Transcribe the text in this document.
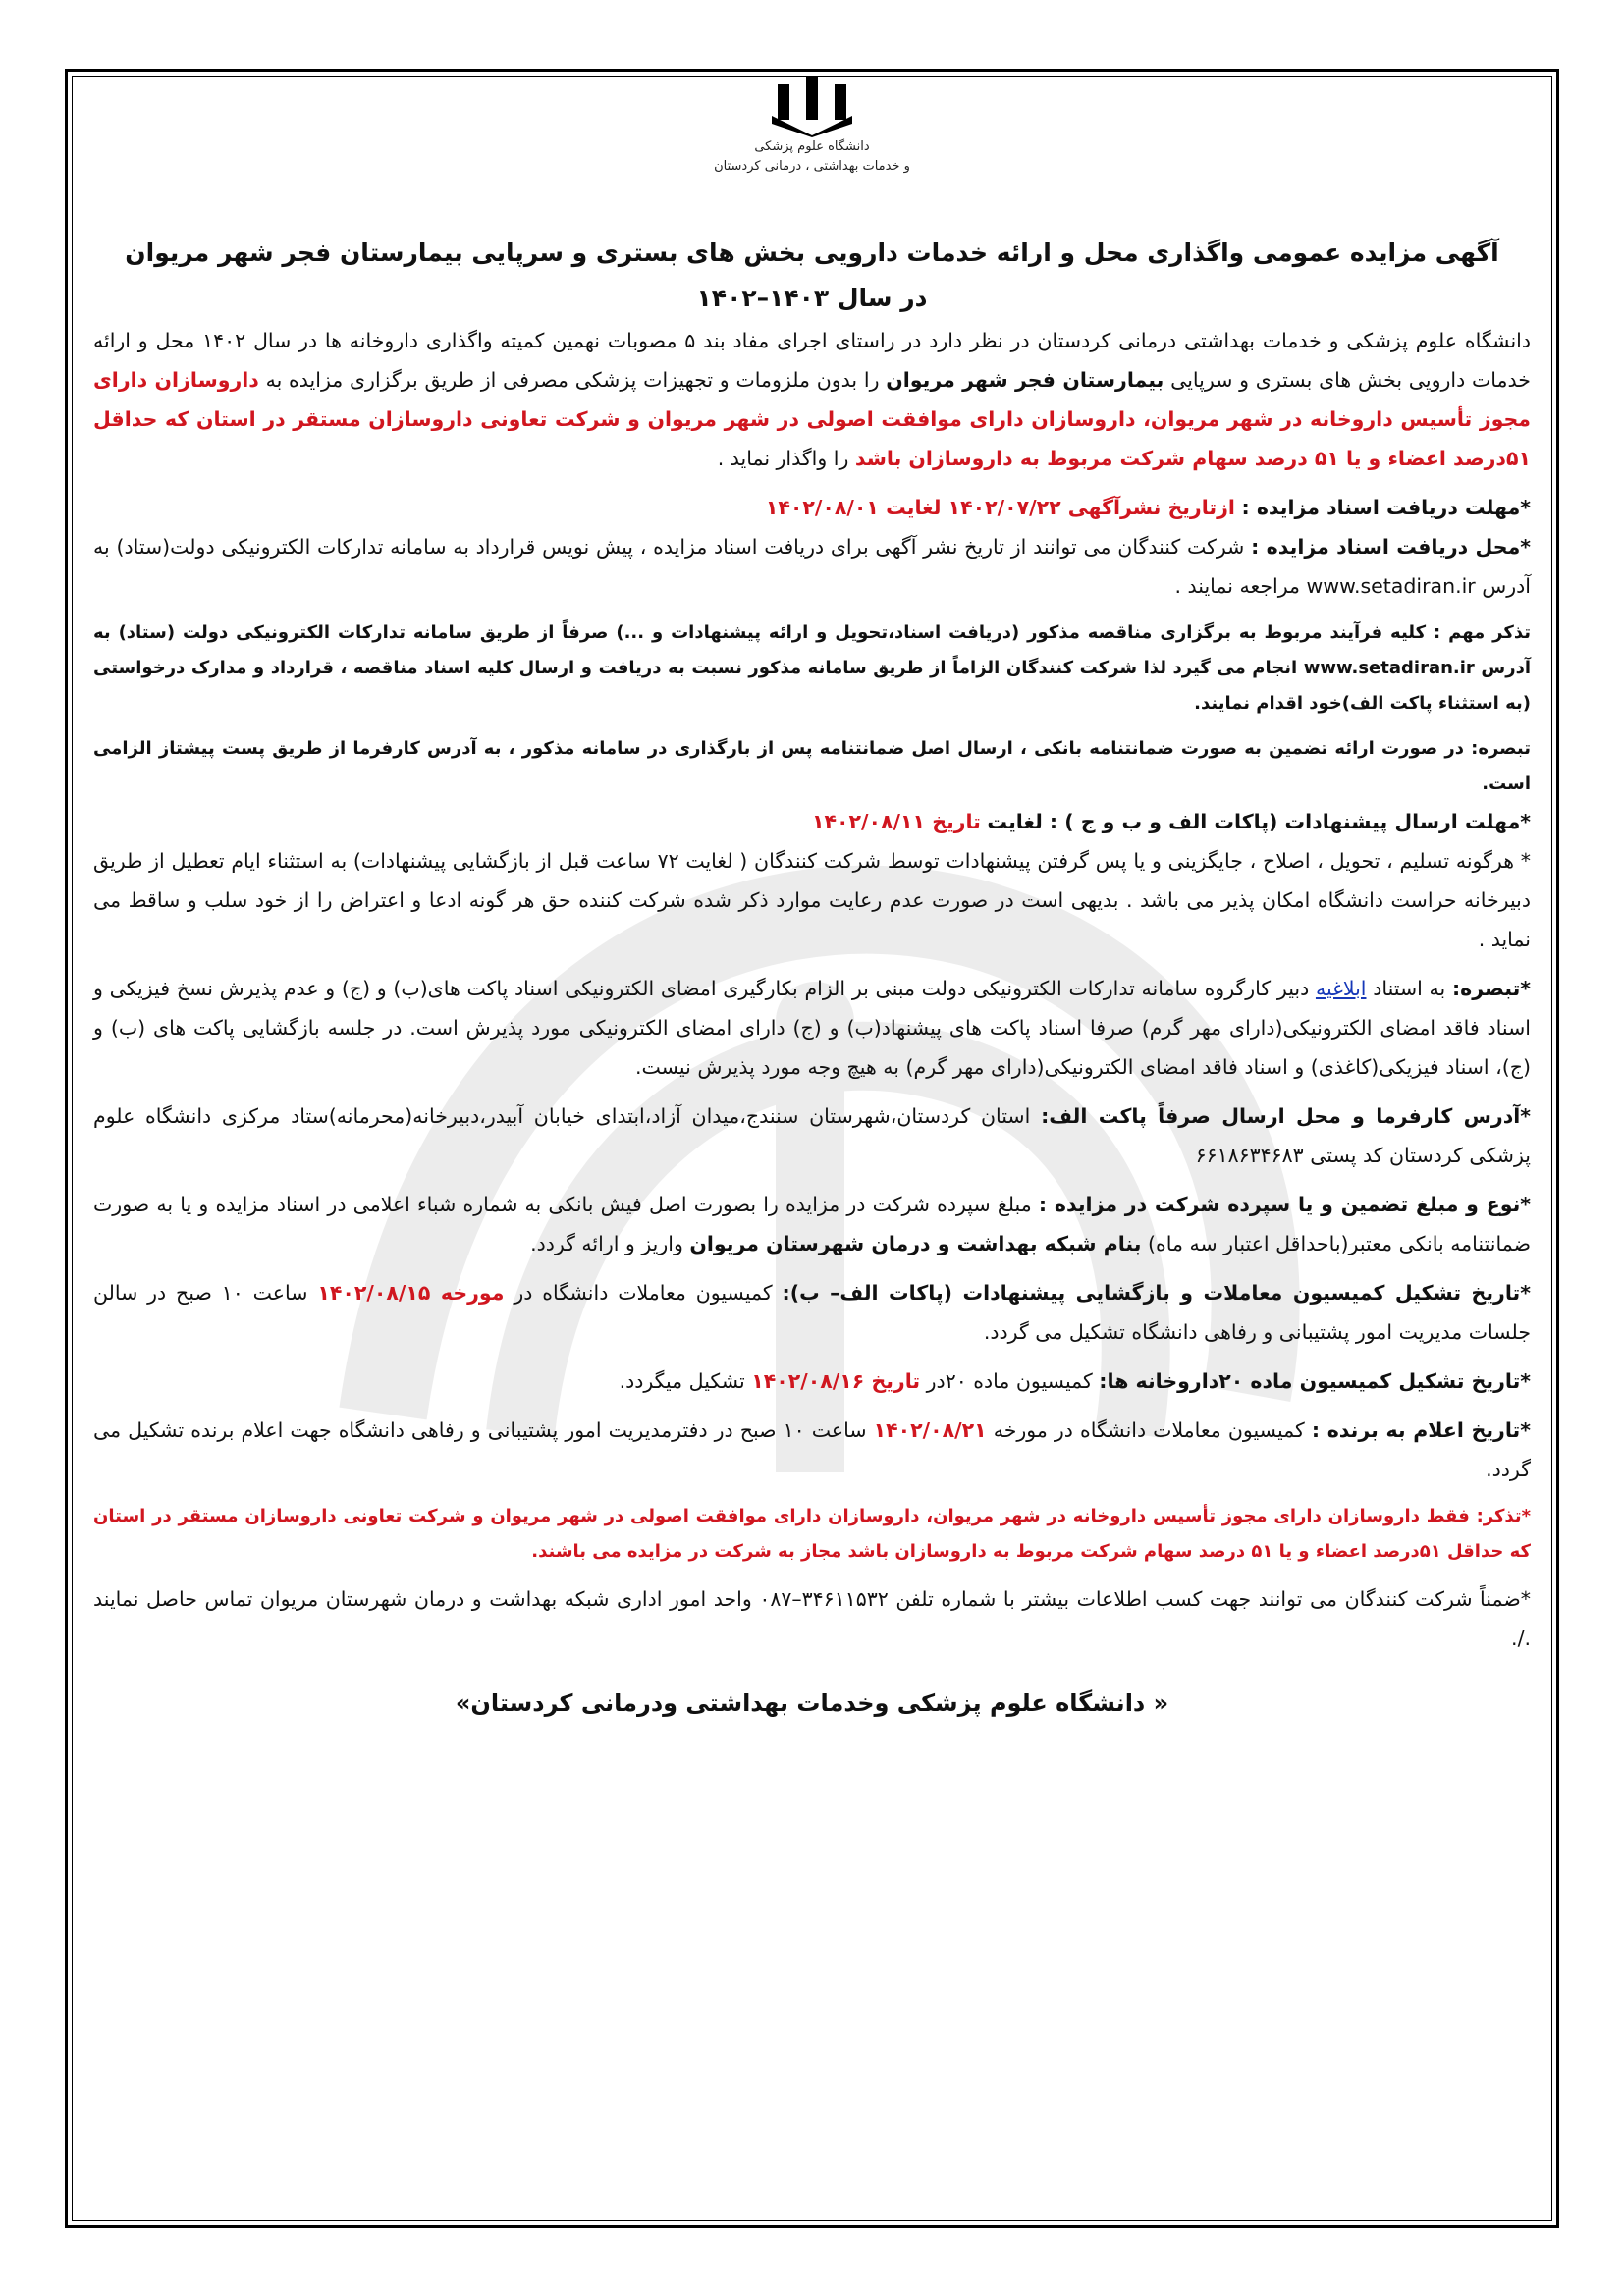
دانشگاه علوم پزشکی
و خدمات بهداشتی ، درمانی کردستان
آگهی مزایده عمومی واگذاری محل و ارائه خدمات دارویی بخش های بستری و سرپایی بیمارستان فجر شهر مریوان
در سال ۱۴۰۳–۱۴۰۲

دانشگاه علوم پزشکی و خدمات بهداشتی درمانی کردستان در نظر دارد در راستای اجرای مفاد بند ۵ مصوبات نهمین کمیته واگذاری داروخانه ها در سال ۱۴۰۲ محل و ارائه خدمات دارویی بخش های بستری و سرپایی بیمارستان فجر شهر مریوان را بدون ملزومات و تجهیزات پزشکی مصرفی از طریق برگزاری مزایده به داروسازان دارای مجوز تأسیس داروخانه در شهر مریوان، داروسازان دارای موافقت اصولی در شهر مریوان و شرکت تعاونی داروسازان مستقر در استان که حداقل ۵۱درصد اعضاء و یا ۵۱ درصد سهام شرکت مربوط به داروسازان باشد را واگذار نماید .

*مهلت دریافت اسناد مزایده : ازتاریخ نشرآگهی ۱۴۰۲/۰۷/۲۲ لغایت ۱۴۰۲/۰۸/۰۱

*محل دریافت اسناد مزایده : شرکت کنندگان می توانند از تاریخ نشر آگهی برای دریافت اسناد مزایده ، پیش نویس قرارداد به سامانه تدارکات الکترونیکی دولت(ستاد) به آدرس www.setadiran.ir مراجعه نمایند .

تذکر مهم : کلیه فرآیند مربوط به برگزاری مناقصه مذکور (دریافت اسناد،تحویل و ارائه پیشنهادات و ...) صرفاً از طریق سامانه تدارکات الکترونیکی دولت (ستاد) به آدرس www.setadiran.ir انجام می گیرد لذا شرکت کنندگان الزاماً از طریق سامانه مذکور نسبت به دریافت و ارسال کلیه اسناد مناقصه ، قرارداد و مدارک درخواستی (به استثناء پاکت الف)خود اقدام نمایند.

تبصره: در صورت ارائه تضمین به صورت ضمانتنامه بانکی ، ارسال اصل ضمانتنامه پس از بارگذاری در سامانه مذکور ، به آدرس کارفرما از طریق پست پیشتاز الزامی است.

*مهلت ارسال پیشنهادات (پاکات الف و ب و ج ) : لغایت تاریخ ۱۴۰۲/۰۸/۱۱

* هرگونه تسلیم ، تحویل ، اصلاح ، جایگزینی و یا پس گرفتن پیشنهادات توسط شرکت کنندگان ( لغایت ۷۲ ساعت قبل از بازگشایی پیشنهادات) به استثناء ایام تعطیل از طریق دبیرخانه حراست دانشگاه امکان پذیر می باشد . بدیهی است در صورت عدم رعایت موارد ذکر شده شرکت کننده حق هر گونه ادعا و اعتراض را از خود سلب و ساقط می نماید .

*تبصره: به استناد ابلاغیه دبیر کارگروه سامانه تدارکات الکترونیکی دولت مبنی بر الزام بکارگیری امضای الکترونیکی اسناد پاکت های(ب) و (ج) و عدم پذیرش نسخ فیزیکی و اسناد فاقد امضای الکترونیکی(دارای مهر گرم) صرفا اسناد پاکت های پیشنهاد(ب) و (ج) دارای امضای الکترونیکی مورد پذیرش است. در جلسه بازگشایی پاکت های (ب) و (ج)، اسناد فیزیکی(کاغذی) و اسناد فاقد امضای الکترونیکی(دارای مهر گرم) به هیچ وجه مورد پذیرش نیست.

*آدرس کارفرما و محل ارسال صرفاً پاکت الف: استان کردستان،شهرستان سنندج،میدان آزاد،ابتدای خیابان آبیدر،دبیرخانه(محرمانه)ستاد مرکزی دانشگاه علوم پزشکی کردستان کد پستی ۶۶۱۸۶۳۴۶۸۳

*نوع و مبلغ تضمین و یا سپرده شرکت در مزایده : مبلغ سپرده شرکت در مزایده را بصورت اصل فیش بانکی به شماره شباء اعلامی در اسناد مزایده و یا به صورت ضمانتنامه بانکی معتبر(باحداقل اعتبار سه ماه) بنام شبکه بهداشت و درمان شهرستان مریوان واریز و ارائه گردد.

*تاریخ تشکیل کمیسیون معاملات و بازگشایی پیشنهادات (پاکات الف– ب): کمیسیون معاملات دانشگاه در مورخه ۱۴۰۲/۰۸/۱۵ ساعت ۱۰ صبح در سالن جلسات مدیریت امور پشتیبانی و رفاهی دانشگاه تشکیل می گردد.

*تاریخ تشکیل کمیسیون ماده ۲۰داروخانه ها: کمیسیون ماده ۲۰در تاریخ ۱۴۰۲/۰۸/۱۶ تشکیل میگردد.

*تاریخ اعلام به برنده : کمیسیون معاملات دانشگاه در مورخه ۱۴۰۲/۰۸/۲۱ ساعت ۱۰ صبح در دفترمدیریت امور پشتیبانی و رفاهی دانشگاه جهت اعلام برنده تشکیل می گردد.

*تذکر: فقط داروسازان دارای مجوز تأسیس داروخانه در شهر مریوان، داروسازان دارای موافقت اصولی در شهر مریوان و شرکت تعاونی داروسازان مستقر در استان که حداقل ۵۱درصد اعضاء و یا ۵۱ درصد سهام شرکت مربوط به داروسازان باشد مجاز به شرکت در مزایده می باشند.

*ضمناً شرکت کنندگان می توانند جهت کسب اطلاعات بیشتر با شماره تلفن ۳۴۶۱۱۵۳۲–۰۸۷ واحد امور اداری شبکه بهداشت و درمان شهرستان مریوان تماس حاصل نمایند ./.

« دانشگاه علوم پزشکی وخدمات بهداشتی ودرمانی کردستان»
